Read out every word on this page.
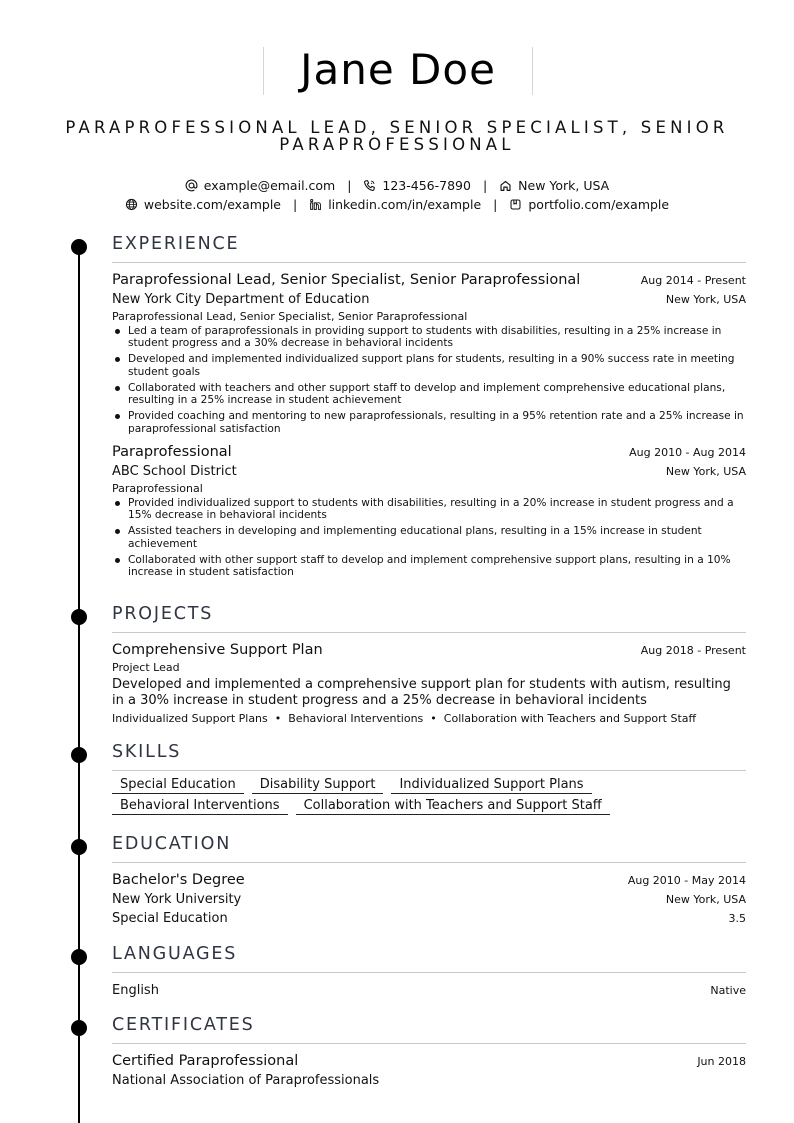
Jane Doe
PARAPROFESSIONAL LEAD, SENIOR SPECIALIST, SENIOR
PARAPROFESSIONAL
example@email.com | 123-456-7890 | New York, USA
website.com/example | linkedin.com/in/example | portfolio.com/example
EXPERIENCE
Paraprofessional Lead, Senior Specialist, Senior Paraprofessional	Aug 2014 - Present
New York City Department of Education	New York, USA
Paraprofessional Lead, Senior Specialist, Senior Paraprofessional
Led a team of paraprofessionals in providing support to students with disabilities, resulting in a 25% increase in student progress and a 30% decrease in behavioral incidents
Developed and implemented individualized support plans for students, resulting in a 90% success rate in meeting student goals
Collaborated with teachers and other support staff to develop and implement comprehensive educational plans, resulting in a 25% increase in student achievement
Provided coaching and mentoring to new paraprofessionals, resulting in a 95% retention rate and a 25% increase in paraprofessional satisfaction
Paraprofessional	Aug 2010 - Aug 2014
ABC School District	New York, USA
Paraprofessional
Provided individualized support to students with disabilities, resulting in a 20% increase in student progress and a 15% decrease in behavioral incidents
Assisted teachers in developing and implementing educational plans, resulting in a 15% increase in student achievement
Collaborated with other support staff to develop and implement comprehensive support plans, resulting in a 10% increase in student satisfaction
PROJECTS
Comprehensive Support Plan	Aug 2018 - Present
Project Lead
Developed and implemented a comprehensive support plan for students with autism, resulting in a 30% increase in student progress and a 25% decrease in behavioral incidents
Individualized Support Plans • Behavioral Interventions • Collaboration with Teachers and Support Staff
SKILLS
Special Education	Disability Support	Individualized Support Plans
Behavioral Interventions	Collaboration with Teachers and Support Staff
EDUCATION
Bachelor's Degree	Aug 2010 - May 2014
New York University	New York, USA
Special Education	3.5
LANGUAGES
English	Native
CERTIFICATES
Certified Paraprofessional	Jun 2018
National Association of Paraprofessionals
